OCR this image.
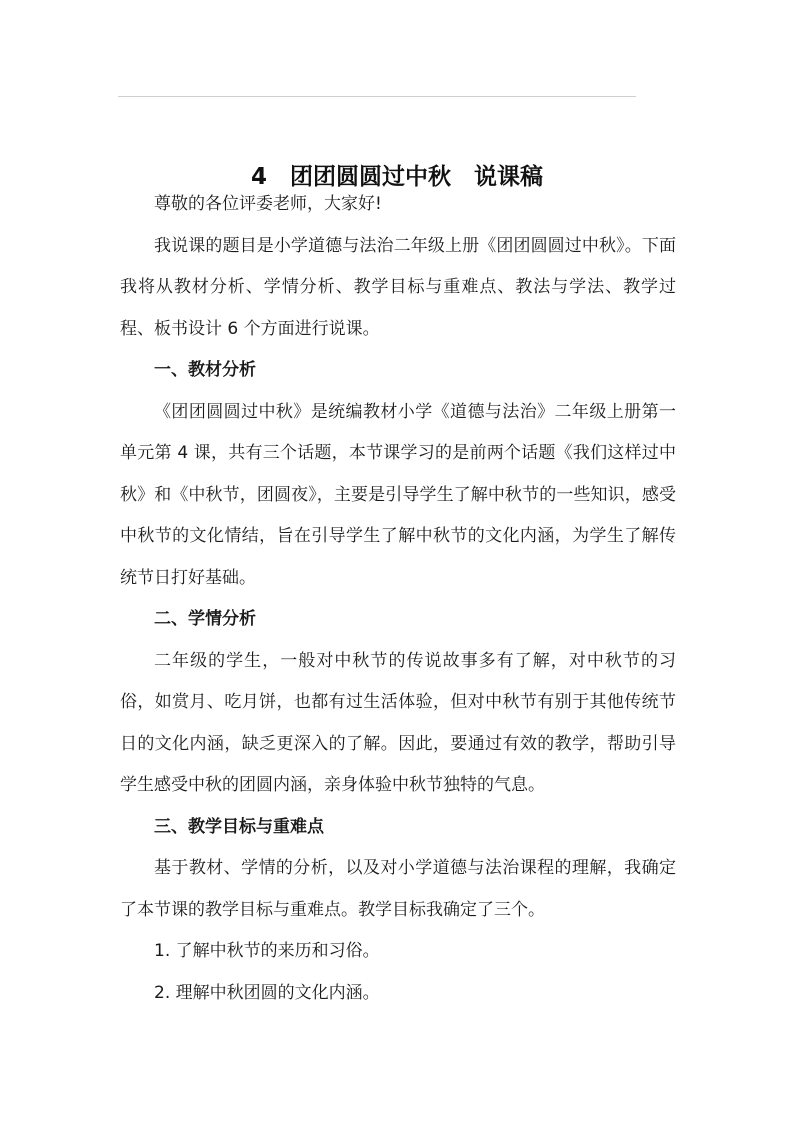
4　团团圆圆过中秋　说课稿

尊敬的各位评委老师，大家好!

我说课的题目是小学道德与法治二年级上册《团团圆圆过中秋》。下面我将从教材分析、学情分析、教学目标与重难点、教法与学法、教学过程、板书设计 6 个方面进行说课。

一、教材分析

《团团圆圆过中秋》是统编教材小学《道德与法治》二年级上册第一单元第 4 课，共有三个话题，本节课学习的是前两个话题《我们这样过中秋》和《中秋节，团圆夜》，主要是引导学生了解中秋节的一些知识，感受中秋节的文化情结，旨在引导学生了解中秋节的文化内涵，为学生了解传统节日打好基础。

二、学情分析

二年级的学生，一般对中秋节的传说故事多有了解，对中秋节的习俗，如赏月、吃月饼，也都有过生活体验，但对中秋节有别于其他传统节日的文化内涵，缺乏更深入的了解。因此，要通过有效的教学，帮助引导学生感受中秋的团圆内涵，亲身体验中秋节独特的气息。

三、教学目标与重难点

基于教材、学情的分析，以及对小学道德与法治课程的理解，我确定了本节课的教学目标与重难点。教学目标我确定了三个。

1. 了解中秋节的来历和习俗。

2. 理解中秋团圆的文化内涵。
